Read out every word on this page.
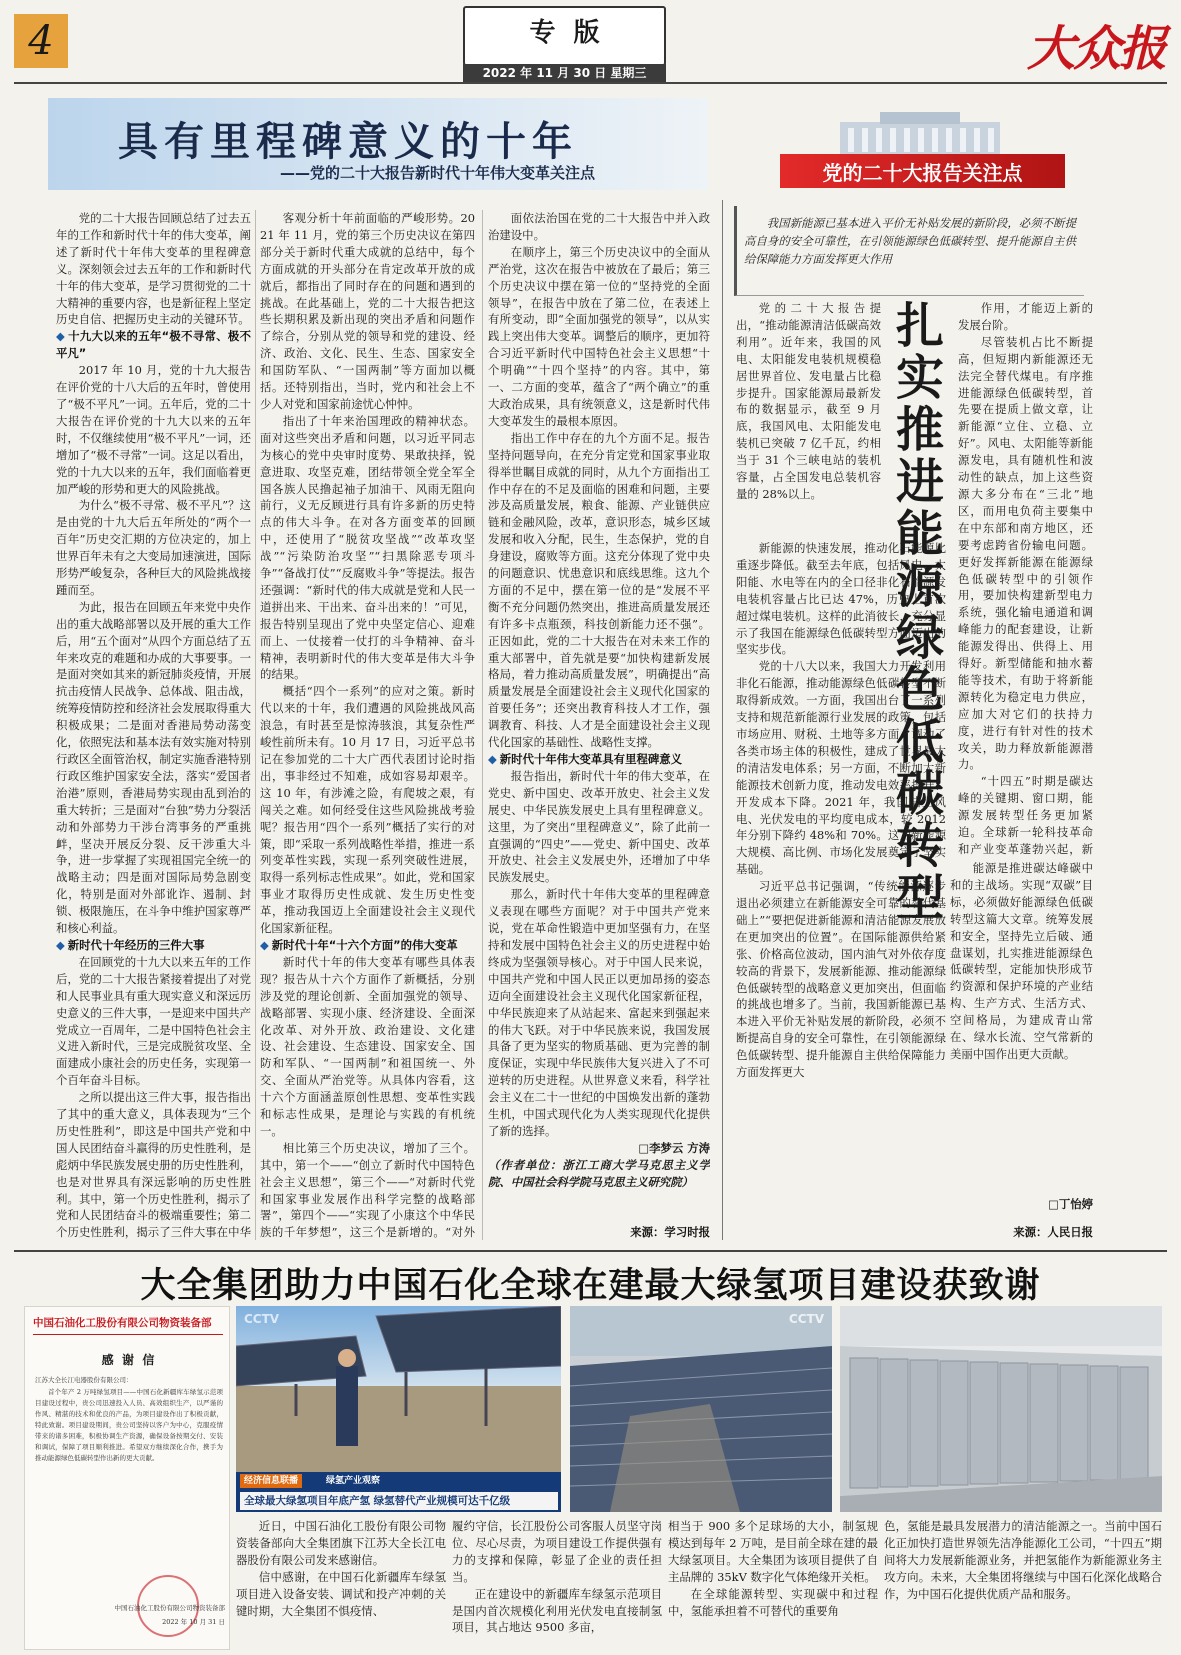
4	专  版
2022 年 11 月 30 日 星期三	大众报
具有里程碑意义的十年
——党的二十大报告新时代十年伟大变革关注点	党的二十大报告关注点

党的二十大报告回顾总结了过去五年的工作和新时代十年的伟大变革，阐述了新时代十年伟大变革的里程碑意义。深刻领会过去五年的工作和新时代十年的伟大变革，是学习贯彻党的二十大精神的重要内容，也是新征程上坚定历史自信、把握历史主动的关键环节。

◆ 十九大以来的五年“极不寻常、极不平凡”

2017 年 10 月，党的十九大报告在评价党的十八大后的五年时，曾使用了“极不平凡”一词。五年后，党的二十大报告在评价党的十九大以来的五年时，不仅继续使用“极不平凡”一词，还增加了“极不寻常”一词。这足以看出，党的十九大以来的五年，我们面临着更加严峻的形势和更大的风险挑战。

为什么“极不寻常、极不平凡”？这是由党的十九大后五年所处的“两个一百年”历史交汇期的方位决定的，加上世界百年未有之大变局加速演进，国际形势严峻复杂，各种巨大的风险挑战接踵而至。

为此，报告在回顾五年来党中央作出的重大战略部署以及开展的重大工作后，用“五个面对”从四个方面总结了五年来攻克的难题和办成的大事要事。一是面对突如其来的新冠肺炎疫情，开展抗击疫情人民战争、总体战、阻击战，统筹疫情防控和经济社会发展取得重大积极成果；二是面对香港局势动荡变化，依照宪法和基本法有效实施对特别行政区全面管治权，制定实施香港特别行政区维护国家安全法，落实“爱国者治港”原则，香港局势实现由乱到治的重大转折；三是面对“台独”势力分裂活动和外部势力干涉台湾事务的严重挑衅，坚决开展反分裂、反干涉重大斗争，进一步掌握了实现祖国完全统一的战略主动；四是面对国际局势急剧变化，特别是面对外部讹诈、遏制、封锁、极限施压，在斗争中维护国家尊严和核心利益。

◆ 新时代十年经历的三件大事

在回顾党的十九大以来五年的工作后，党的二十大报告紧接着提出了对党和人民事业具有重大现实意义和深远历史意义的三件大事，一是迎来中国共产党成立一百周年，二是中国特色社会主义进入新时代，三是完成脱贫攻坚、全面建成小康社会的历史任务，实现第一个百年奋斗目标。

之所以提出这三件大事，报告指出了其中的重大意义，具体表现为“三个历史性胜利”，即这是中国共产党和中国人民团结奋斗赢得的历史性胜利，是彪炳中华民族发展史册的历史性胜利，也是对世界具有深远影响的历史性胜利。其中，第一个历史性胜利，揭示了党和人民团结奋斗的极端重要性；第二个历史性胜利，揭示了三件大事在中华

客观分析十年前面临的严峻形势。2021 年 11 月，党的第三个历史决议在第四部分关于新时代重大成就的总结中，每个方面成就的开头部分在肯定改革开放的成就后，都指出了同时存在的问题和遇到的挑战。在此基础上，党的二十大报告把这些长期积累及新出现的突出矛盾和问题作了综合，分别从党的领导和党的建设、经济、政治、文化、民生、生态、国家安全和国防军队、“一国两制”等方面加以概括。还特别指出，当时，党内和社会上不少人对党和国家前途忧心忡忡。

指出了十年来治国理政的精神状态。面对这些突出矛盾和问题，以习近平同志为核心的党中央审时度势、果敢抉择，锐意进取、攻坚克难，团结带领全党全军全国各族人民撸起袖子加油干、风雨无阻向前行，义无反顾进行具有许多新的历史特点的伟大斗争。在对各方面变革的回顾中，还使用了“脱贫攻坚战”“改革攻坚战”“污染防治攻坚”“扫黑除恶专项斗争”“备战打仗”“反腐败斗争”等提法。报告还强调：“新时代的伟大成就是党和人民一道拼出来、干出来、奋斗出来的！”可见，报告特别呈现出了党中央坚定信心、迎难而上、一仗接着一仗打的斗争精神、奋斗精神，表明新时代的伟大变革是伟大斗争的结果。

概括“四个一系列”的应对之策。新时代以来的十年，我们遭遇的风险挑战风高浪急，有时甚至是惊涛骇浪，其复杂性严峻性前所未有。10 月 17 日，习近平总书记在参加党的二十大广西代表团讨论时指出，事非经过不知难，成如容易却艰辛。这 10 年，有涉滩之险，有爬坡之艰，有闯关之难。如何经受住这些风险挑战考验呢？报告用“四个一系列”概括了实行的对策，即“采取一系列战略性举措，推进一系列变革性实践，实现一系列突破性进展，取得一系列标志性成果”。如此，党和国家事业才取得历史性成就、发生历史性变革，推动我国迈上全面建设社会主义现代化国家新征程。

◆ 新时代十年“十六个方面”的伟大变革

新时代十年的伟大变革有哪些具体表现？报告从十六个方面作了新概括，分别涉及党的理论创新、全面加强党的领导、战略部署、实现小康、经济建设、全面深化改革、对外开放、政治建设、文化建设、社会建设、生态建设、国家安全、国防和军队、“一国两制”和祖国统一、外交、全面从严治党等。从具体内容看，这十六个方面涵盖原创性思想、变革性实践和标志性成果，是理论与实践的有机统一。

相比第三个历史决议，增加了三个。其中，第一个——“创立了新时代中国特色社会主义思想”，第三个——“对新时代党和国家事业发展作出科学完整的战略部署”，第四个——“实现了小康这个中华民族的千年梦想”，这三个是新增的。“对外

面依法治国在党的二十大报告中并入政治建设中。

在顺序上，第三个历史决议中的全面从严治党，这次在报告中被放在了最后；第三个历史决议中摆在第一位的“坚持党的全面领导”，在报告中放在了第二位，在表述上有所变动，即“全面加强党的领导”，以从实践上突出伟大变革。调整后的顺序，更加符合习近平新时代中国特色社会主义思想“十个明确”“十四个坚持”的内容。其中，第一、二方面的变革，蕴含了“两个确立”的重大政治成果，具有统领意义，这是新时代伟大变革发生的最根本原因。

指出工作中存在的九个方面不足。报告坚持问题导向，在充分肯定党和国家事业取得举世瞩目成就的同时，从九个方面指出工作中存在的不足及面临的困难和问题，主要涉及高质量发展，粮食、能源、产业链供应链和金融风险，改革，意识形态，城乡区域发展和收入分配，民生，生态保护，党的自身建设，腐败等方面。这充分体现了党中央的问题意识、忧患意识和底线思维。这九个方面的不足中，摆在第一位的是“发展不平衡不充分问题仍然突出，推进高质量发展还有许多卡点瓶颈，科技创新能力还不强”。正因如此，党的二十大报告在对未来工作的重大部署中，首先就是要“加快构建新发展格局，着力推动高质量发展”，明确提出“高质量发展是全面建设社会主义现代化国家的首要任务”；还突出教育科技人才工作，强调教育、科技、人才是全面建设社会主义现代化国家的基础性、战略性支撑。

◆ 新时代十年伟大变革具有里程碑意义

报告指出，新时代十年的伟大变革，在党史、新中国史、改革开放史、社会主义发展史、中华民族发展史上具有里程碑意义。这里，为了突出“里程碑意义”，除了此前一直强调的“四史”——党史、新中国史、改革开放史、社会主义发展史外，还增加了中华民族发展史。

那么，新时代十年伟大变革的里程碑意义表现在哪些方面呢？对于中国共产党来说，党在革命性锻造中更加坚强有力，在坚持和发展中国特色社会主义的历史进程中始终成为坚强领导核心。对于中国人民来说，中国共产党和中国人民正以更加昂扬的姿态迈向全面建设社会主义现代化国家新征程，中华民族迎来了从站起来、富起来到强起来的伟大飞跃。对于中华民族来说，我国发展具备了更为坚实的物质基础、更为完善的制度保证，实现中华民族伟大复兴进入了不可逆转的历史进程。从世界意义来看，科学社会主义在二十一世纪的中国焕发出新的蓬勃生机，中国式现代化为人类实现现代化提供了新的选择。

□李梦云 方涛

（作者单位：浙江工商大学马克思主义学院、中国社会科学院马克思主义研究院）

来源：学习时报
我国新能源已基本进入平价无补贴发展的新阶段，必须不断提高自身的安全可靠性，在引领能源绿色低碳转型、提升能源自主供给保障能力方面发挥更大作用
扎
实
推
进
能
源
绿
色
低
碳
转
型

党的二十大报告提出，“推动能源清洁低碳高效利用”。近年来，我国的风电、太阳能发电装机规模稳居世界首位、发电量占比稳步提升。国家能源局最新发布的数据显示，截至 9 月底，我国风电、太阳能发电装机已突破 7 亿千瓦，约相当于 31 个三峡电站的装机容量，占全国发电总装机容量的 28%以上。

新能源的快速发展，推动化石能源比重逐步降低。截至去年底，包括风电、太阳能、水电等在内的全口径非化石能源发电装机容量占比已达 47%，历史上首次超过煤电装机。这样的此消彼长，充分显示了我国在能源绿色低碳转型方面迈出的坚实步伐。

党的十八大以来，我国大力开发利用非化石能源，推动能源绿色低碳转型不断取得新成效。一方面，我国出台了一系列支持和规范新能源行业发展的政策，包括市场应用、财税、土地等多方面，调动了各类市场主体的积极性，建成了世界最大的清洁发电体系；另一方面，不断加大新能源技术创新力度，推动发电效率提升、开发成本下降。2021 年，我国陆上风电、光伏发电的平均度电成本，较 2012 年分别下降约 48%和 70%。这为新能源大规模、高比例、市场化发展奠定了坚实基础。

习近平总书记强调，“传统能源逐步退出必须建立在新能源安全可靠的替代基础上”“要把促进新能源和清洁能源发展放在更加突出的位置”。在国际能源供给紧张、价格高位波动，国内油气对外依存度较高的背景下，发展新能源、推动能源绿色低碳转型的战略意义更加突出，但面临的挑战也增多了。当前，我国新能源已基本进入平价无补贴发展的新阶段，必须不断提高自身的安全可靠性，在引领能源绿色低碳转型、提升能源自主供给保障能力方面发挥更大

作用，才能迈上新的发展台阶。

尽管装机占比不断提高，但短期内新能源还无法完全替代煤电。有序推进能源绿色低碳转型，首先要在提质上做文章，让新能源“立住、立稳、立好”。风电、太阳能等新能源发电，具有随机性和波动性的缺点，加上这些资源大多分布在“三北”地区，而用电负荷主要集中在中东部和南方地区，还要考虑跨省份输电问题。更好发挥新能源在能源绿色低碳转型中的引领作用，要加快构建新型电力系统，强化输电通道和调峰能力的配套建设，让新能源发得出、供得上、用得好。新型储能和抽水蓄能等技术，有助于将新能源转化为稳定电力供应，应加大对它们的扶持力度，进行有针对性的技术攻关，助力释放新能源潜力。

“十四五”时期是碳达峰的关键期、窗口期，能源发展转型任务更加紧迫。全球新一轮科技革命和产业变革蓬勃兴起，新

能源是推进碳达峰碳中和的主战场。实现“双碳”目标，必须做好能源绿色低碳转型这篇大文章。统筹发展和安全，坚持先立后破、通盘谋划，扎实推进能源绿色低碳转型，定能加快形成节约资源和保护环境的产业结构、生产方式、生活方式、空间格局，为建成青山常在、绿水长流、空气常新的美丽中国作出更大贡献。

□丁怡婷
来源：人民日报
大全集团助力中国石化全球在建最大绿氢项目建设获致谢
中国石油化工股份有限公司物资装备部
感  谢  信
江苏大全长江电器股份有限公司：
首个年产 2 万吨绿氢项目——中国石化新疆库车绿氢示范项目建设过程中，贵公司迅速投入人员、高效组织生产，以严谨的作风、精湛的技术和优良的产品，为项目建设作出了积极贡献，特此致谢。项目建设期间，贵公司坚持以客户为中心，克服疫情带来的诸多困难，积极协调生产资源，确保设备按期交付、安装和调试，保障了项目顺利推进。希望双方继续深化合作，携手为推动能源绿色低碳转型作出新的更大贡献。
中国石油化工股份有限公司物资装备部
2022 年 10 月 31 日
CCTV
经济信息联播	绿氢产业观察
全球最大绿氢项目年底产氢 绿氢替代产业规模可达千亿级
CCTV

近日，中国石油化工股份有限公司物资装备部向大全集团旗下江苏大全长江电器股份有限公司发来感谢信。

信中感谢，在中国石化新疆库车绿氢项目进入设备安装、调试和投产冲刺的关键时期，大全集团不惧疫情、

履约守信，长江股份公司客服人员坚守岗位、尽心尽责，为项目建设工作提供强有力的支撑和保障，彰显了企业的责任担当。

正在建设中的新疆库车绿氢示范项目是国内首次规模化利用光伏发电直接制氢项目，其占地达 9500 多亩，

相当于 900 多个足球场的大小，制氢规模达到每年 2 万吨，是目前全球在建的最大绿氢项目。大全集团为该项目提供了自主品牌的 35kV 数字化气体绝缘开关柜。

在全球能源转型、实现碳中和过程中，氢能承担着不可替代的重要角

色，氢能是最具发展潜力的清洁能源之一。当前中国石化正加快打造世界领先洁净能源化工公司，“十四五”期间将大力发展新能源业务，并把氢能作为新能源业务主攻方向。未来，大全集团将继续与中国石化深化战略合作，为中国石化提供优质产品和服务。
